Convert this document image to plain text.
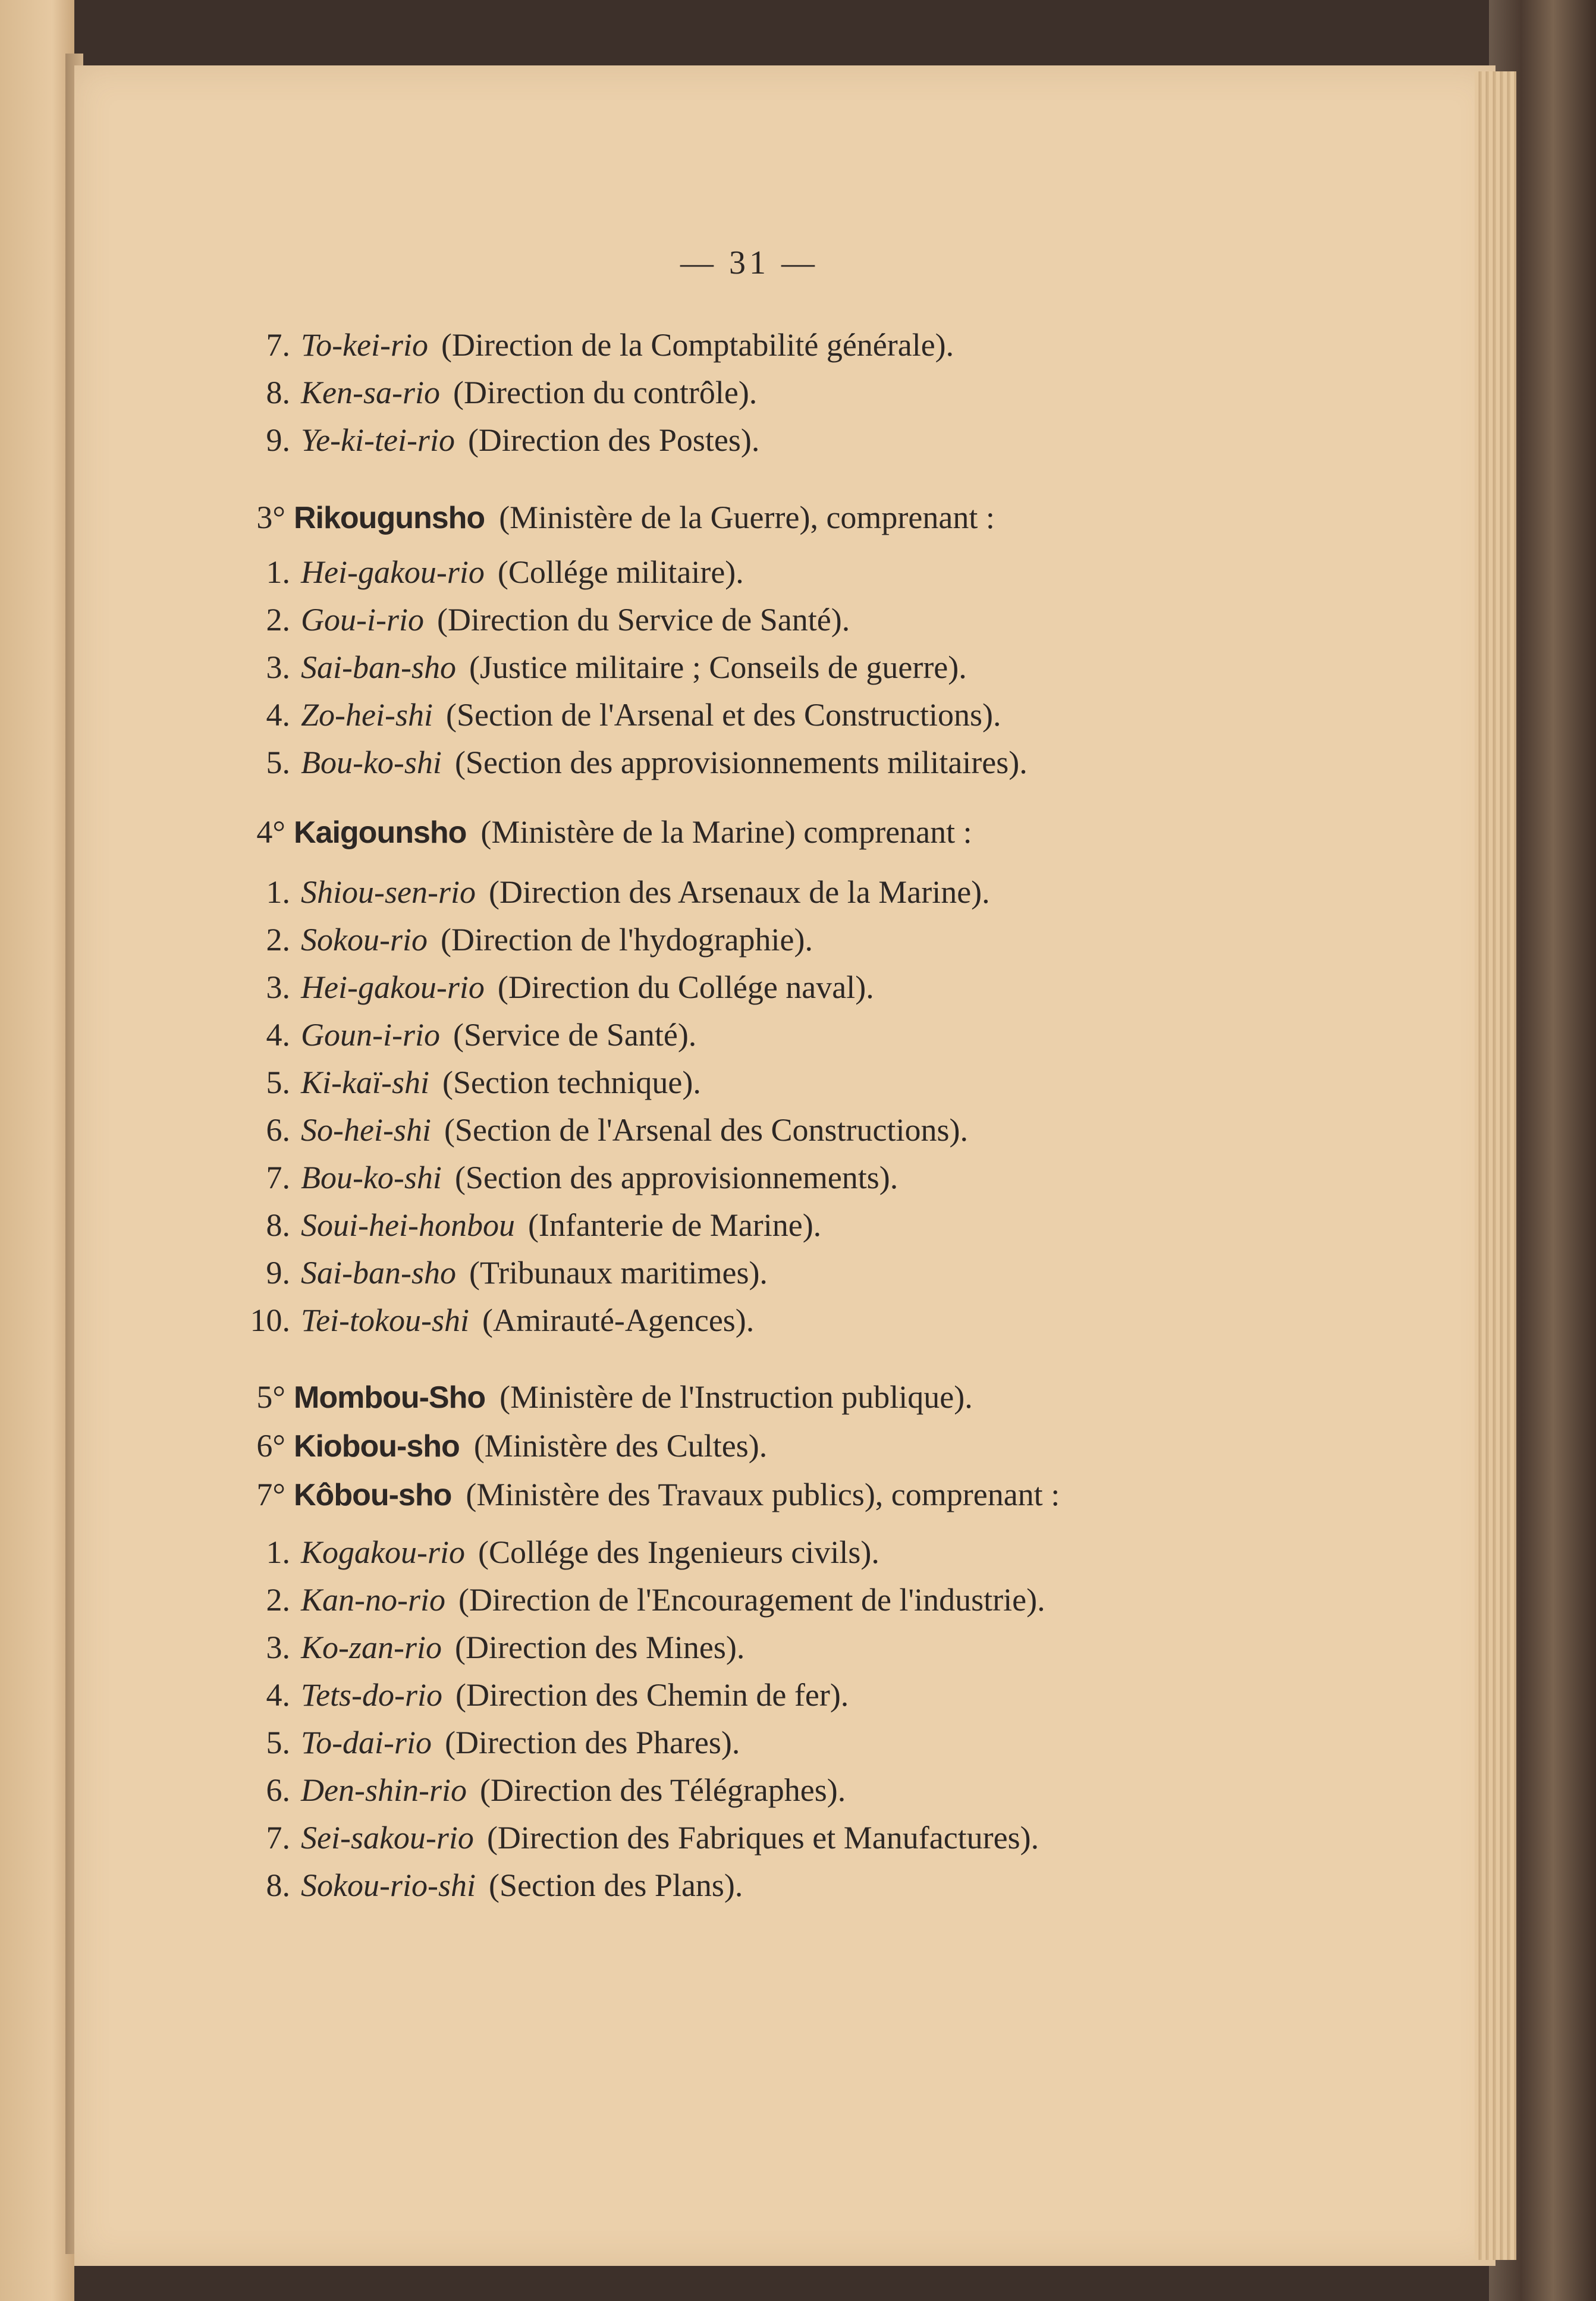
— 31 —
7. To-kei-rio (Direction de la Comptabilité générale).
8. Ken-sa-rio (Direction du contrôle).
9. Ye-ki-tei-rio (Direction des Postes).
3° Rikougunsho (Ministère de la Guerre), comprenant :
1. Hei-gakou-rio (Collége militaire).
2. Gou-i-rio (Direction du Service de Santé).
3. Sai-ban-sho (Justice militaire ; Conseils de guerre).
4. Zo-hei-shi (Section de l'Arsenal et des Constructions).
5. Bou-ko-shi (Section des approvisionnements militaires).
4° Kaigounsho (Ministère de la Marine) comprenant :
1. Shiou-sen-rio (Direction des Arsenaux de la Marine).
2. Sokou-rio (Direction de l'hydographie).
3. Hei-gakou-rio (Direction du Collége naval).
4. Goun-i-rio (Service de Santé).
5. Ki-kaï-shi (Section technique).
6. So-hei-shi (Section de l'Arsenal des Constructions).
7. Bou-ko-shi (Section des approvisionnements).
8. Soui-hei-honbou (Infanterie de Marine).
9. Sai-ban-sho (Tribunaux maritimes).
10. Tei-tokou-shi (Amirauté-Agences).
5° Mombou-Sho (Ministère de l'Instruction publique).
6° Kiobou-sho (Ministère des Cultes).
7° Kôbou-sho (Ministère des Travaux publics), comprenant :
1. Kogakou-rio (Collége des Ingenieurs civils).
2. Kan-no-rio (Direction de l'Encouragement de l'industrie).
3. Ko-zan-rio (Direction des Mines).
4. Tets-do-rio (Direction des Chemin de fer).
5. To-dai-rio (Direction des Phares).
6. Den-shin-rio (Direction des Télégraphes).
7. Sei-sakou-rio (Direction des Fabriques et Manufactures).
8. Sokou-rio-shi (Section des Plans).
